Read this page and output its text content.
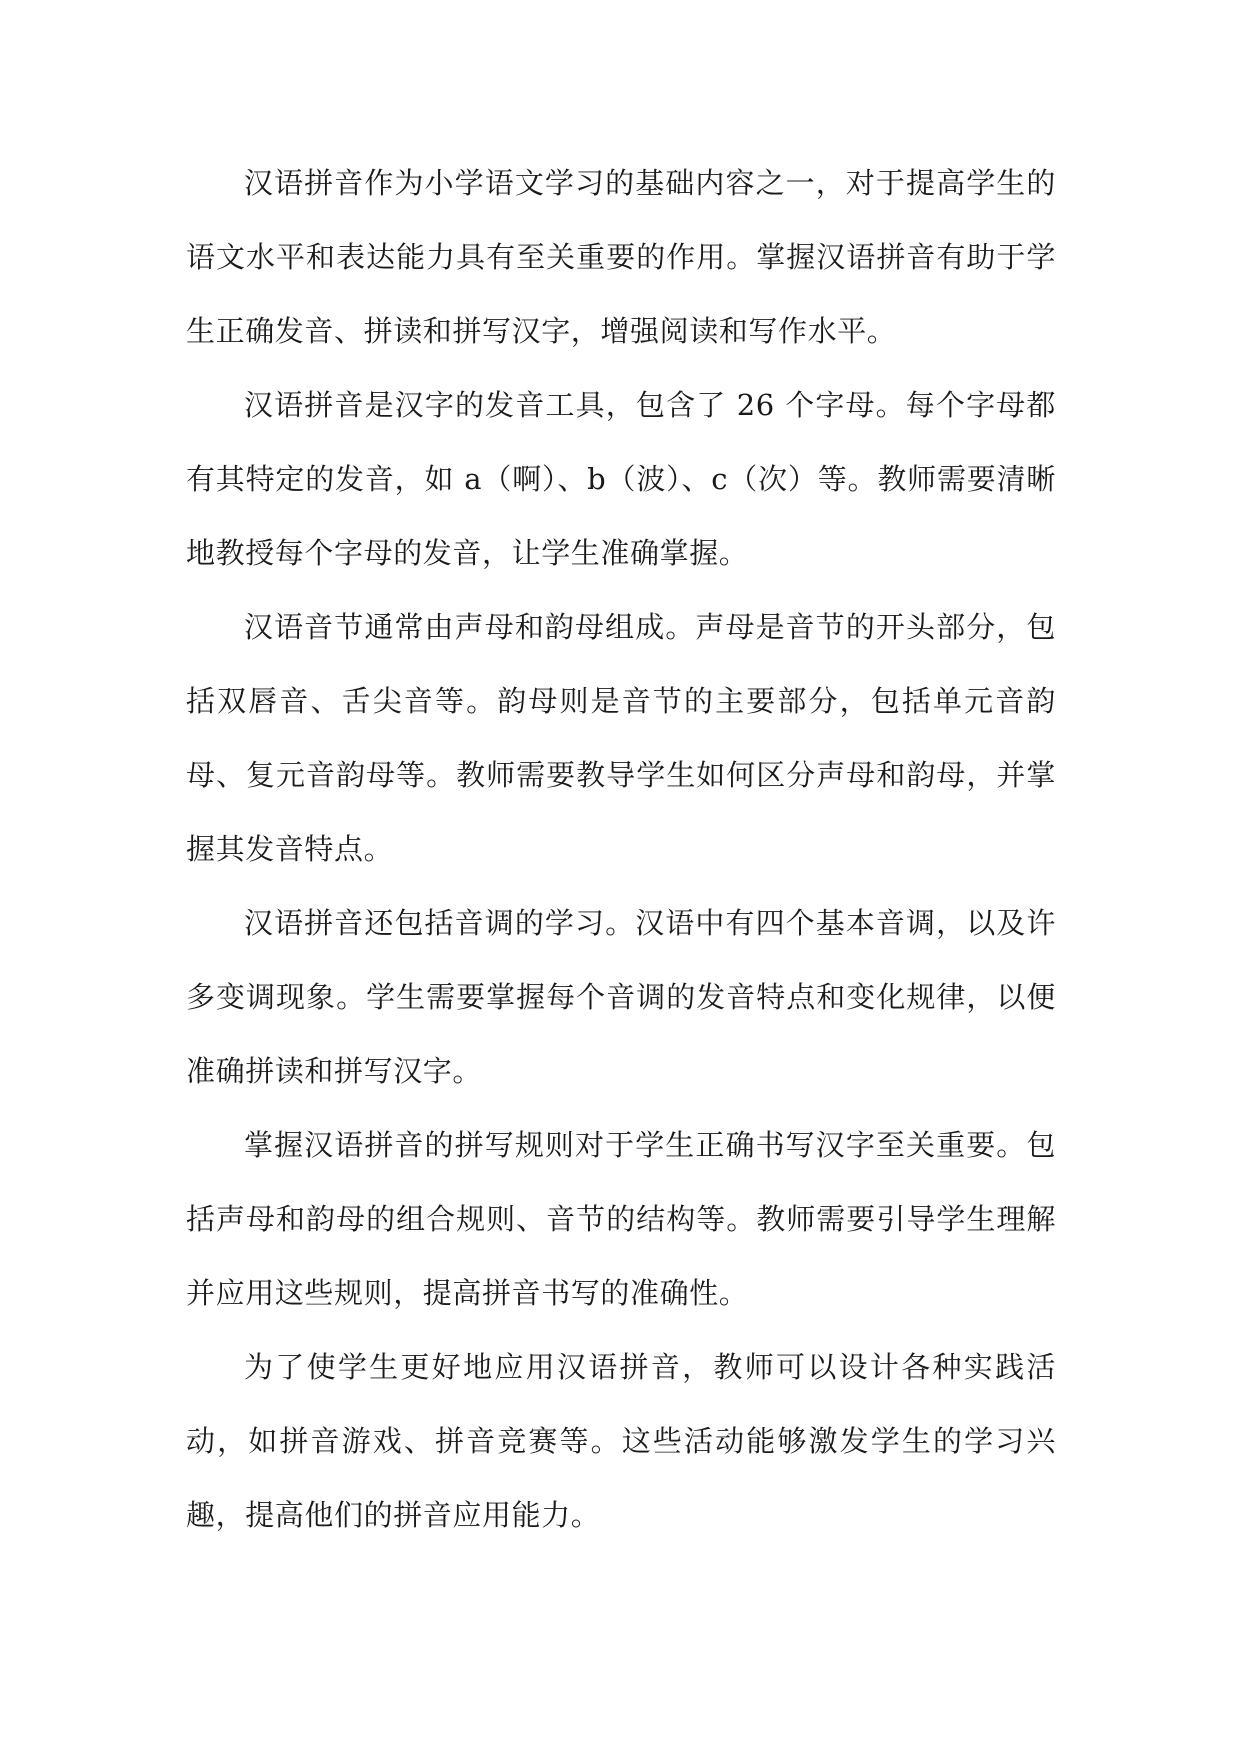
汉语拼音作为小学语文学习的基础内容之一，对于提高学生的语文水平和表达能力具有至关重要的作用。掌握汉语拼音有助于学生正确发音、拼读和拼写汉字，增强阅读和写作水平。

汉语拼音是汉字的发音工具，包含了 26 个字母。每个字母都有其特定的发音，如 a（啊）、b（波）、c（次）等。教师需要清晰地教授每个字母的发音，让学生准确掌握。

汉语音节通常由声母和韵母组成。声母是音节的开头部分，包括双唇音、舌尖音等。韵母则是音节的主要部分，包括单元音韵母、复元音韵母等。教师需要教导学生如何区分声母和韵母，并掌握其发音特点。

汉语拼音还包括音调的学习。汉语中有四个基本音调，以及许多变调现象。学生需要掌握每个音调的发音特点和变化规律，以便准确拼读和拼写汉字。

掌握汉语拼音的拼写规则对于学生正确书写汉字至关重要。包括声母和韵母的组合规则、音节的结构等。教师需要引导学生理解并应用这些规则，提高拼音书写的准确性。

为了使学生更好地应用汉语拼音，教师可以设计各种实践活动，如拼音游戏、拼音竞赛等。这些活动能够激发学生的学习兴趣，提高他们的拼音应用能力。
